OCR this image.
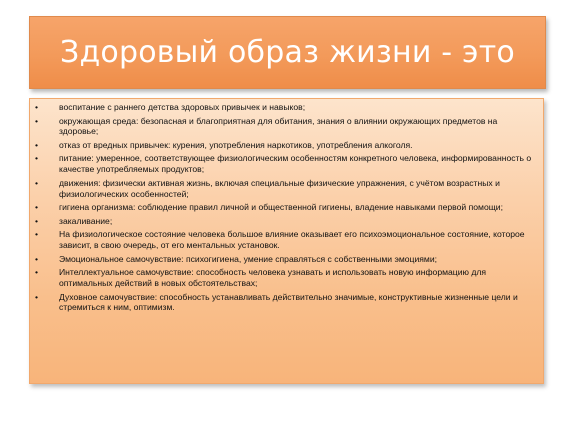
Здоровый образ жизни - это
•	воспитание с раннего детства здоровых привычек и навыков;
•	окружающая среда: безопасная и благоприятная для обитания, знания о влиянии окружающих предметов на здоровье;
•	отказ от вредных привычек: курения, употребления наркотиков, употребления алкоголя.
•	питание: умеренное, соответствующее физиологическим особенностям конкретного человека, информированность о качестве употребляемых продуктов;
•	движения: физически активная жизнь, включая специальные физические упражнения, с учётом возрастных и физиологических особенностей;
•	гигиена организма: соблюдение правил личной и общественной гигиены, владение навыками первой помощи;
•	закаливание;
•	На физиологическое состояние человека большое влияние оказывает его психоэмоциональное состояние, которое зависит, в свою очередь, от его ментальных установок.
•	Эмоциональное самочувствие: психогигиена, умение справляться с собственными эмоциями;
•	Интеллектуальное самочувствие: способность человека узнавать и использовать новую информацию для оптимальных действий в новых обстоятельствах;
•	Духовное самочувствие: способность устанавливать действительно значимые, конструктивные жизненные цели и стремиться к ним, оптимизм.
